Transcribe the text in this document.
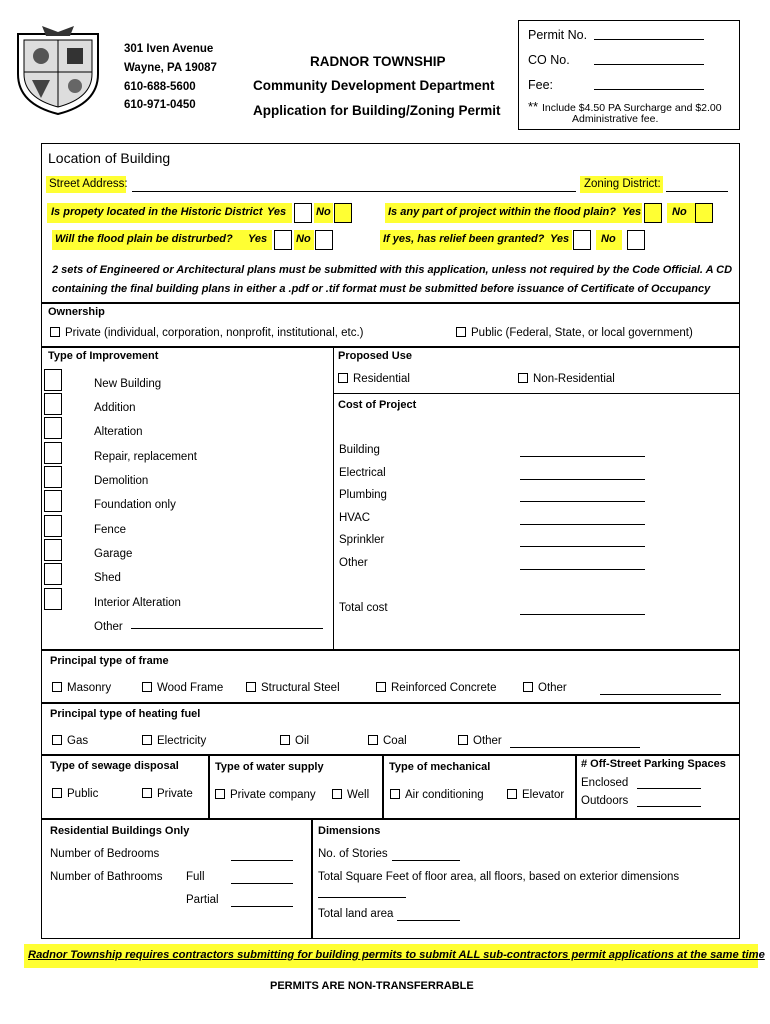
301 Iven Avenue
Wayne, PA 19087
610-688-5600
610-971-0450
RADNOR TOWNSHIP
Community Development Department
Application for Building/Zoning Permit
Permit No.
CO No.
Fee:
** Include $4.50 PA Surcharge and $2.00
Administrative fee.
Location of Building
Street Address:	Zoning District:
Is propety located in the Historic District Yes	No	Is any part of project within the flood plain? Yes	No
Will the flood plain be distrurbed? Yes	No	If yes, has relief been granted? Yes	No
2 sets of Engineered or Architectural plans must be submitted with this application, unless not required by the Code Official. A CD
containing the final building plans in either a .pdf or .tif format must be submitted before issuance of Certificate of Occupancy
Ownership
Private (individual, corporation, nonprofit, institutional, etc.)	Public (Federal, State, or local government)
Type of Improvement	Proposed Use
Residential	Non-Residential
Cost of Project
New Building
Addition
Alteration
Repair, replacement
Demolition
Foundation only
Fence
Garage
Shed
Interior Alteration
Other
Building
Electrical
Plumbing
HVAC
Sprinkler
Other
Total cost
Principal type of frame
Masonry	Wood Frame	Structural Steel	Reinforced Concrete	Other
Principal type of heating fuel
Gas	Electricity	Oil	Coal	Other
Type of sewage disposal
Public	Private
Type of water supply
Private company	Well
Type of mechanical
Air conditioning	Elevator
# Off-Street Parking Spaces
Enclosed
Outdoors
Residential Buildings Only
Number of Bedrooms
Number of Bathrooms Full
Partial
Dimensions
No. of Stories
Total Square Feet of floor area, all floors, based on exterior dimensions
Total land area
Radnor Township requires contractors submitting for building permits to submit ALL sub-contractors permit applications at the same time
PERMITS ARE NON-TRANSFERRABLE
